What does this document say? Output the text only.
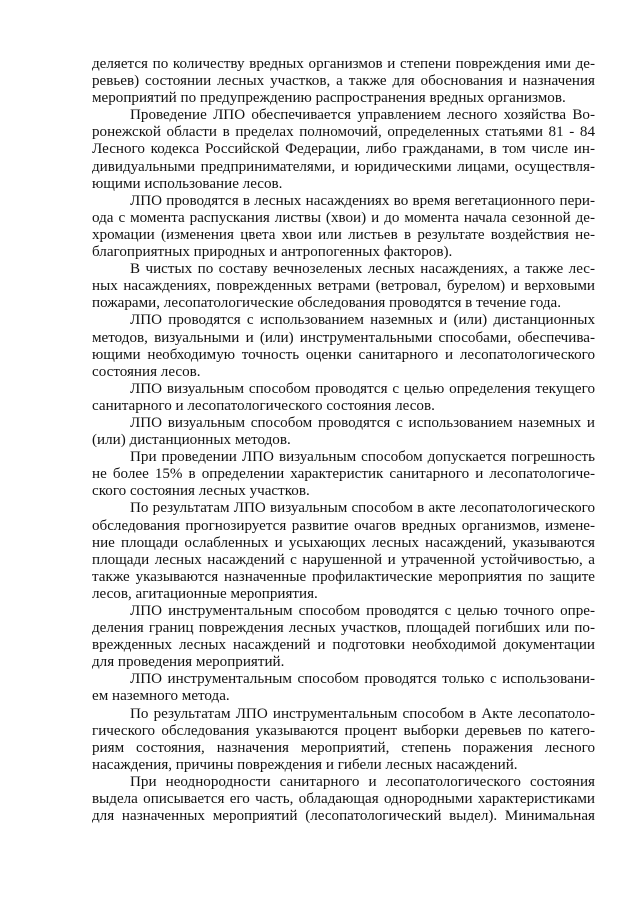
деляется по количеству вредных организмов и степени повреждения ими де-
ревьев) состоянии лесных участков, а также для обоснования и назначения
мероприятий по предупреждению распространения вредных организмов.
Проведение ЛПО обеспечивается управлением лесного хозяйства Во-
ронежской области в пределах полномочий, определенных статьями 81 - 84
Лесного кодекса Российской Федерации, либо гражданами, в том числе ин-
дивидуальными предпринимателями, и юридическими лицами, осуществля-
ющими использование лесов.
ЛПО проводятся в лесных насаждениях во время вегетационного пери-
ода с момента распускания листвы (хвои) и до момента начала сезонной де-
хромации (изменения цвета хвои или листьев в результате воздействия не-
благоприятных природных и антропогенных факторов).
В чистых по составу вечнозеленых лесных насаждениях, а также лес-
ных насаждениях, поврежденных ветрами (ветровал, бурелом) и верховыми
пожарами, лесопатологические обследования проводятся в течение года.
ЛПО проводятся с использованием наземных и (или) дистанционных
методов, визуальными и (или) инструментальными способами, обеспечива-
ющими необходимую точность оценки санитарного и лесопатологического
состояния лесов.
ЛПО визуальным способом проводятся с целью определения текущего
санитарного и лесопатологического состояния лесов.
ЛПО визуальным способом проводятся с использованием наземных и
(или) дистанционных методов.
При проведении ЛПО визуальным способом допускается погрешность
не более 15% в определении характеристик санитарного и лесопатологиче-
ского состояния лесных участков.
По результатам ЛПО визуальным способом в акте лесопатологического
обследования прогнозируется развитие очагов вредных организмов, измене-
ние площади ослабленных и усыхающих лесных насаждений, указываются
площади лесных насаждений с нарушенной и утраченной устойчивостью, а
также указываются назначенные профилактические мероприятия по защите
лесов, агитационные мероприятия.
ЛПО инструментальным способом проводятся с целью точного опре-
деления границ повреждения лесных участков, площадей погибших или по-
врежденных лесных насаждений и подготовки необходимой документации
для проведения мероприятий.
ЛПО инструментальным способом проводятся только с использовани-
ем наземного метода.
По результатам ЛПО инструментальным способом в Акте лесопатоло-
гического обследования указываются процент выборки деревьев по катего-
риям состояния, назначения мероприятий, степень поражения лесного
насаждения, причины повреждения и гибели лесных насаждений.
При неоднородности санитарного и лесопатологического состояния
выдела описывается его часть, обладающая однородными характеристиками
для назначенных мероприятий (лесопатологический выдел). Минимальная
